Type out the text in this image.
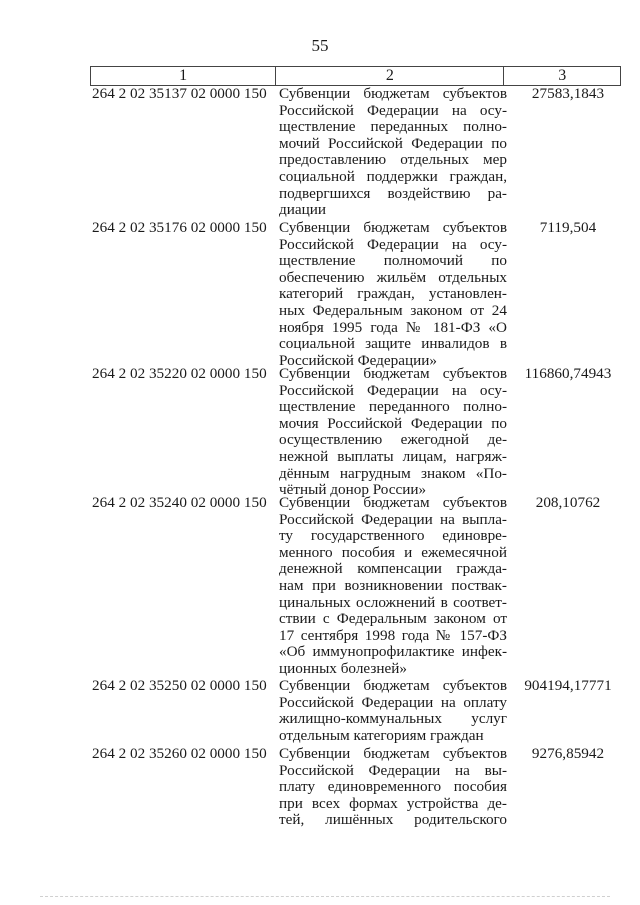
55
1	2	3
264 2 02 35137 02 0000 150 Субвенции бюджетам субъектов
Российской Федерации на осу-
ществление переданных полно-
мочий Российской Федерации по
предоставлению отдельных мер
социальной поддержки граждан,
подвергшихся воздействию ра-
диации
27583,1843
264 2 02 35176 02 0000 150 Субвенции бюджетам субъектов
Российской Федерации на осу-
ществление полномочий по
обеспечению жильём отдельных
категорий граждан, установлен-
ных Федеральным законом от 24
ноября 1995 года № 181-ФЗ «О
социальной защите инвалидов в
Российской Федерации»
7119,504
264 2 02 35220 02 0000 150 Субвенции бюджетам субъектов
Российской Федерации на осу-
ществление переданного полно-
мочия Российской Федерации по
осуществлению ежегодной де-
нежной выплаты лицам, нагряж-
дённым нагрудным знаком «По-
чётный донор России»
116860,74943
264 2 02 35240 02 0000 150 Субвенции бюджетам субъектов
Российской Федерации на выпла-
ту государственного единовре-
менного пособия и ежемесячной
денежной компенсации гражда-
нам при возникновении поствак-
цинальных осложнений в соответ-
ствии с Федеральным законом от
17 сентября 1998 года № 157-ФЗ
«Об иммунопрофилактике инфек-
ционных болезней»
208,10762
264 2 02 35250 02 0000 150 Субвенции бюджетам субъектов
Российской Федерации на оплату
жилищно-коммунальных услуг
отдельным категориям граждан
904194,17771
264 2 02 35260 02 0000 150 Субвенции бюджетам субъектов
Российской Федерации на вы-
плату единовременного пособия
при всех формах устройства де-
тей, лишённых родительского
9276,85942
